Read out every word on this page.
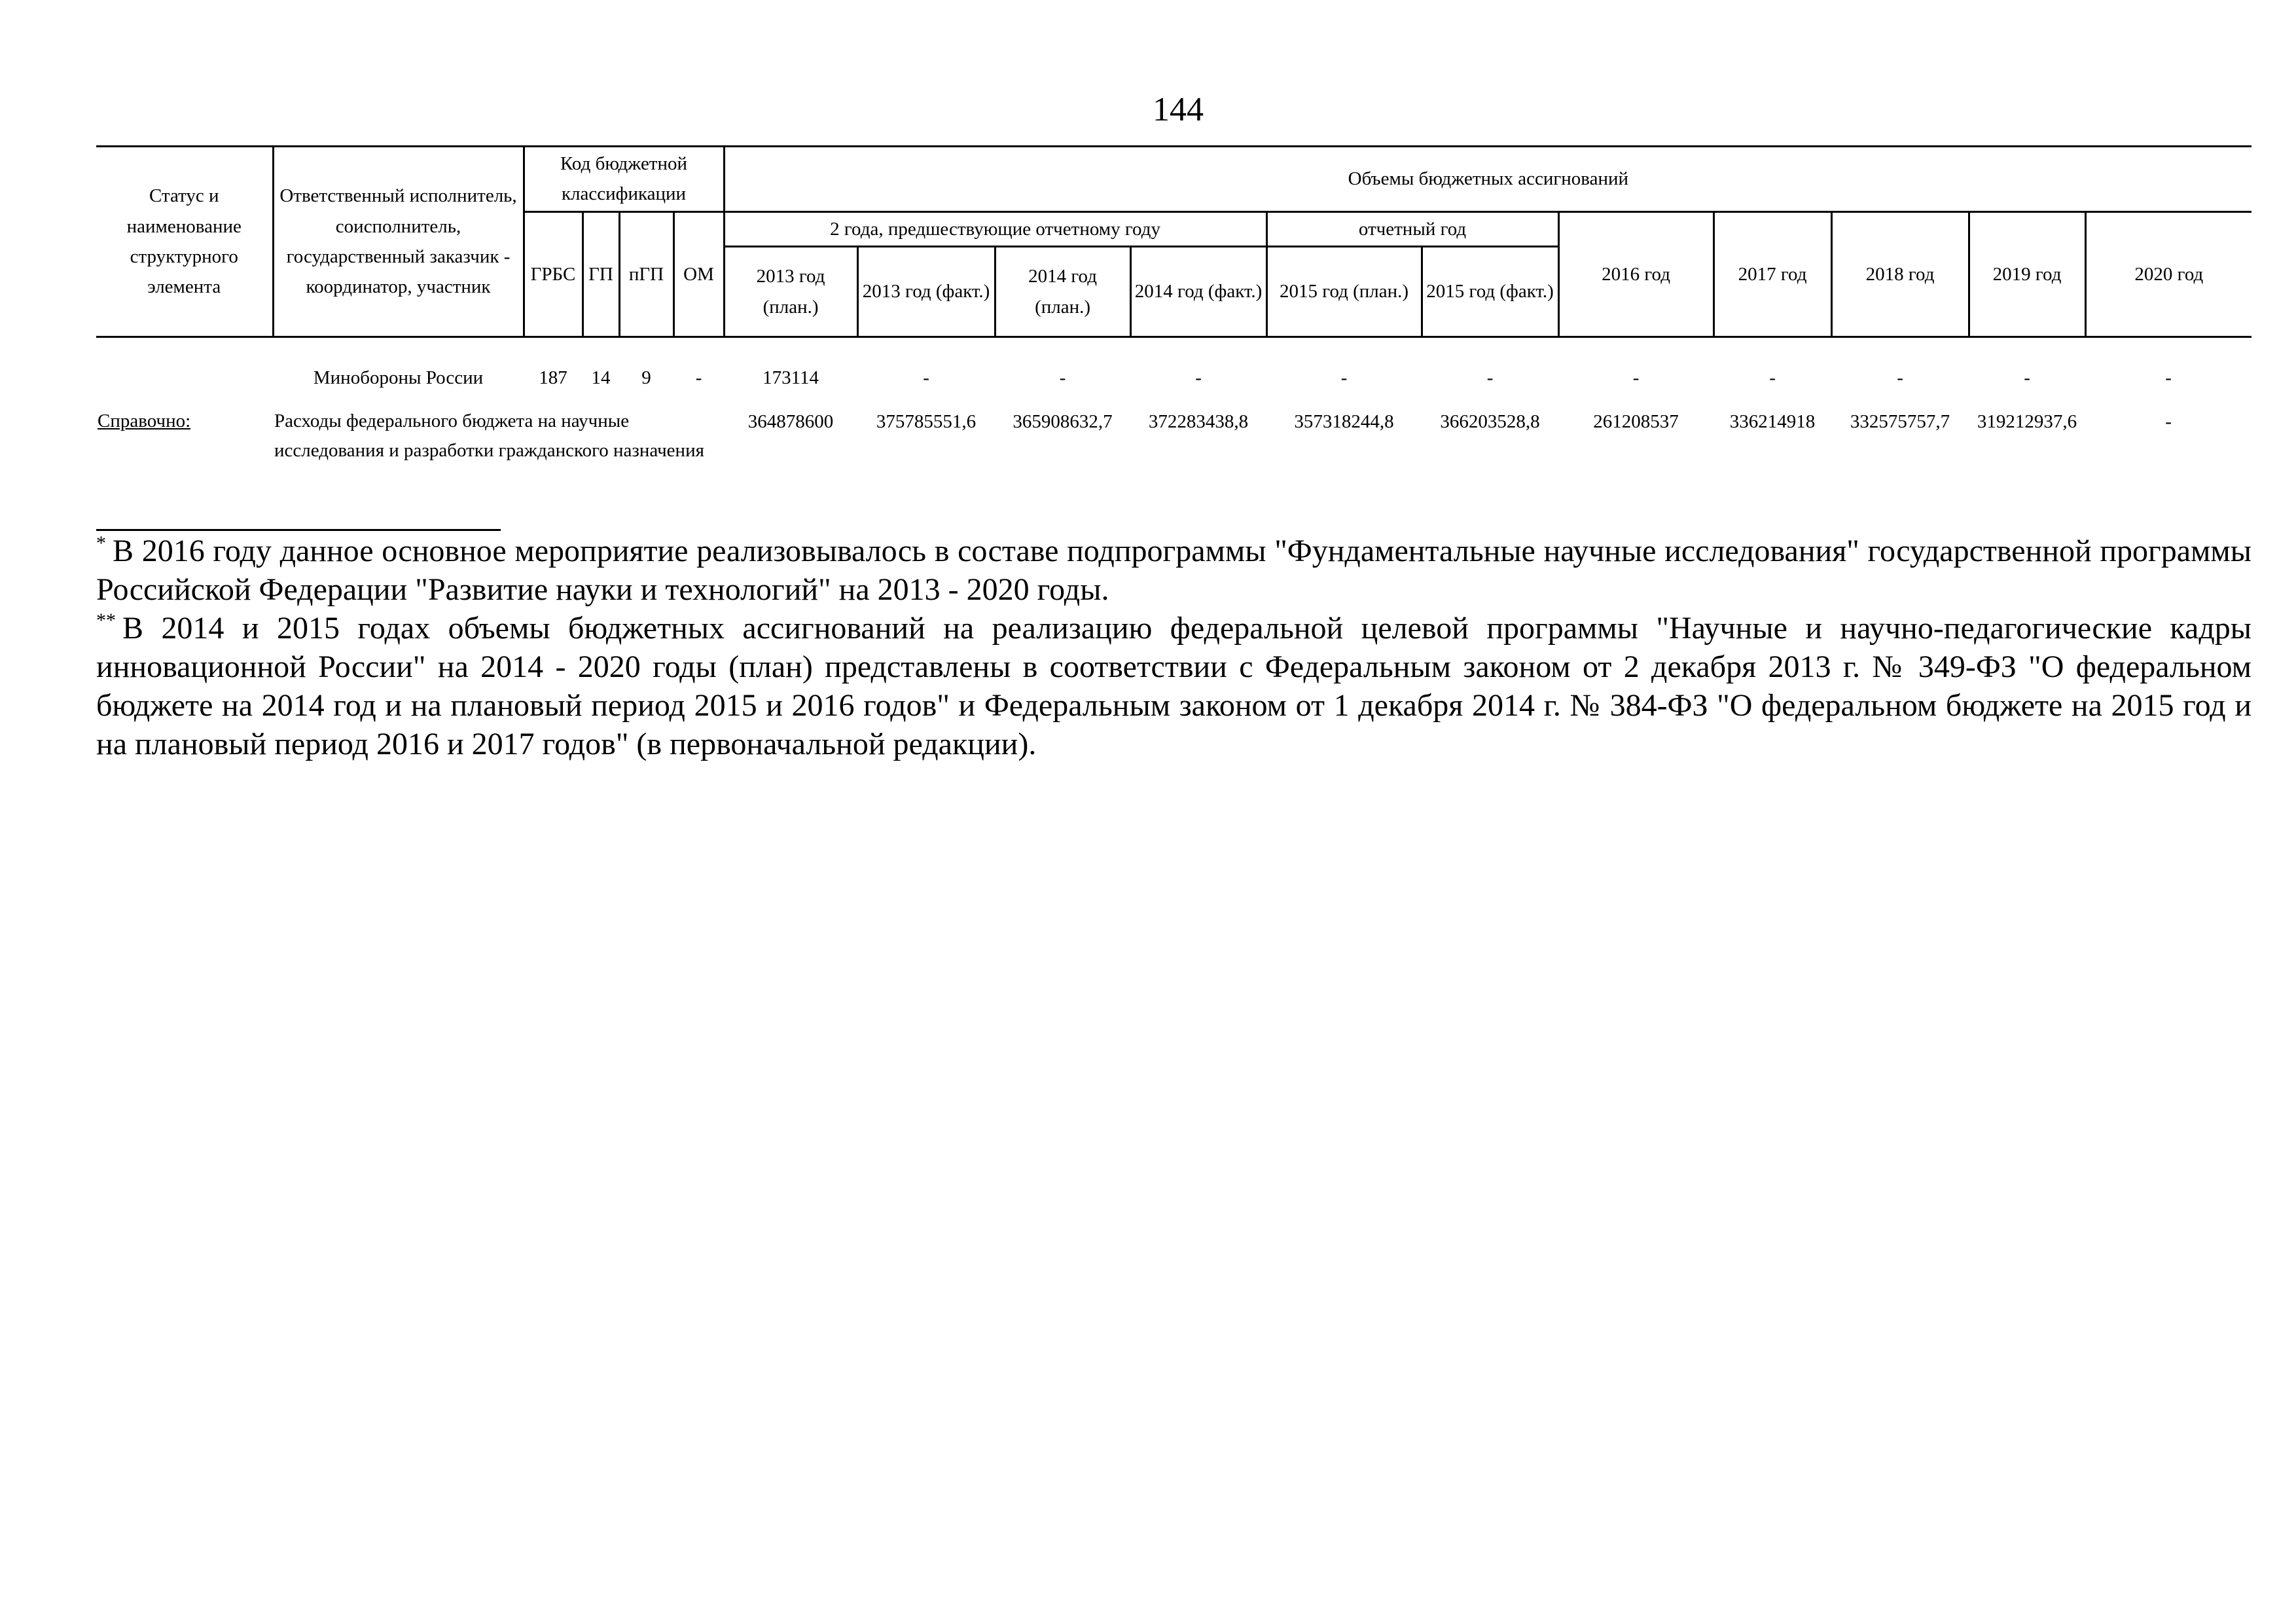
144
Статус и наименование структурного элемента	Ответственный исполнитель, соисполнитель, государственный заказчик - координатор, участник	Код бюджетной классификации				Объемы бюджетных ассигнований										
		ГРБС	ГП	пГП	ОМ	2 года, предшествующие отчетному году				отчетный год		2016 год	2017 год	2018 год	2019 год	2020 год
						2013 год (план.)	2013 год (факт.)	2014 год (план.)	2014 год (факт.)	2015 год (план.)	2015 год (факт.)					
	Минобороны России	187	14	9	-	173114	-	-	-	-	-	-	-	-	-	-
Справочно:	Расходы федерального бюджета на научные исследования и разработки гражданского назначения					364878600	375785551,6	365908632,7	372283438,8	357318244,8	366203528,8	261208537	336214918	332575757,7	319212937,6	-

* В 2016 году данное основное мероприятие реализовывалось в составе подпрограммы "Фундаментальные научные исследования" государственной программы Российской Федерации "Развитие науки и технологий" на 2013 - 2020 годы.

** В 2014 и 2015 годах объемы бюджетных ассигнований на реализацию федеральной целевой программы "Научные и научно-педагогические кадры инновационной России" на 2014 - 2020 годы (план) представлены в соответствии с Федеральным законом от 2 декабря 2013 г. № 349-ФЗ "О федеральном бюджете на 2014 год и на плановый период 2015 и 2016 годов" и Федеральным законом от 1 декабря 2014 г. № 384-ФЗ "О федеральном бюджете на 2015 год и на плановый период 2016 и 2017 годов" (в первоначальной редакции).
